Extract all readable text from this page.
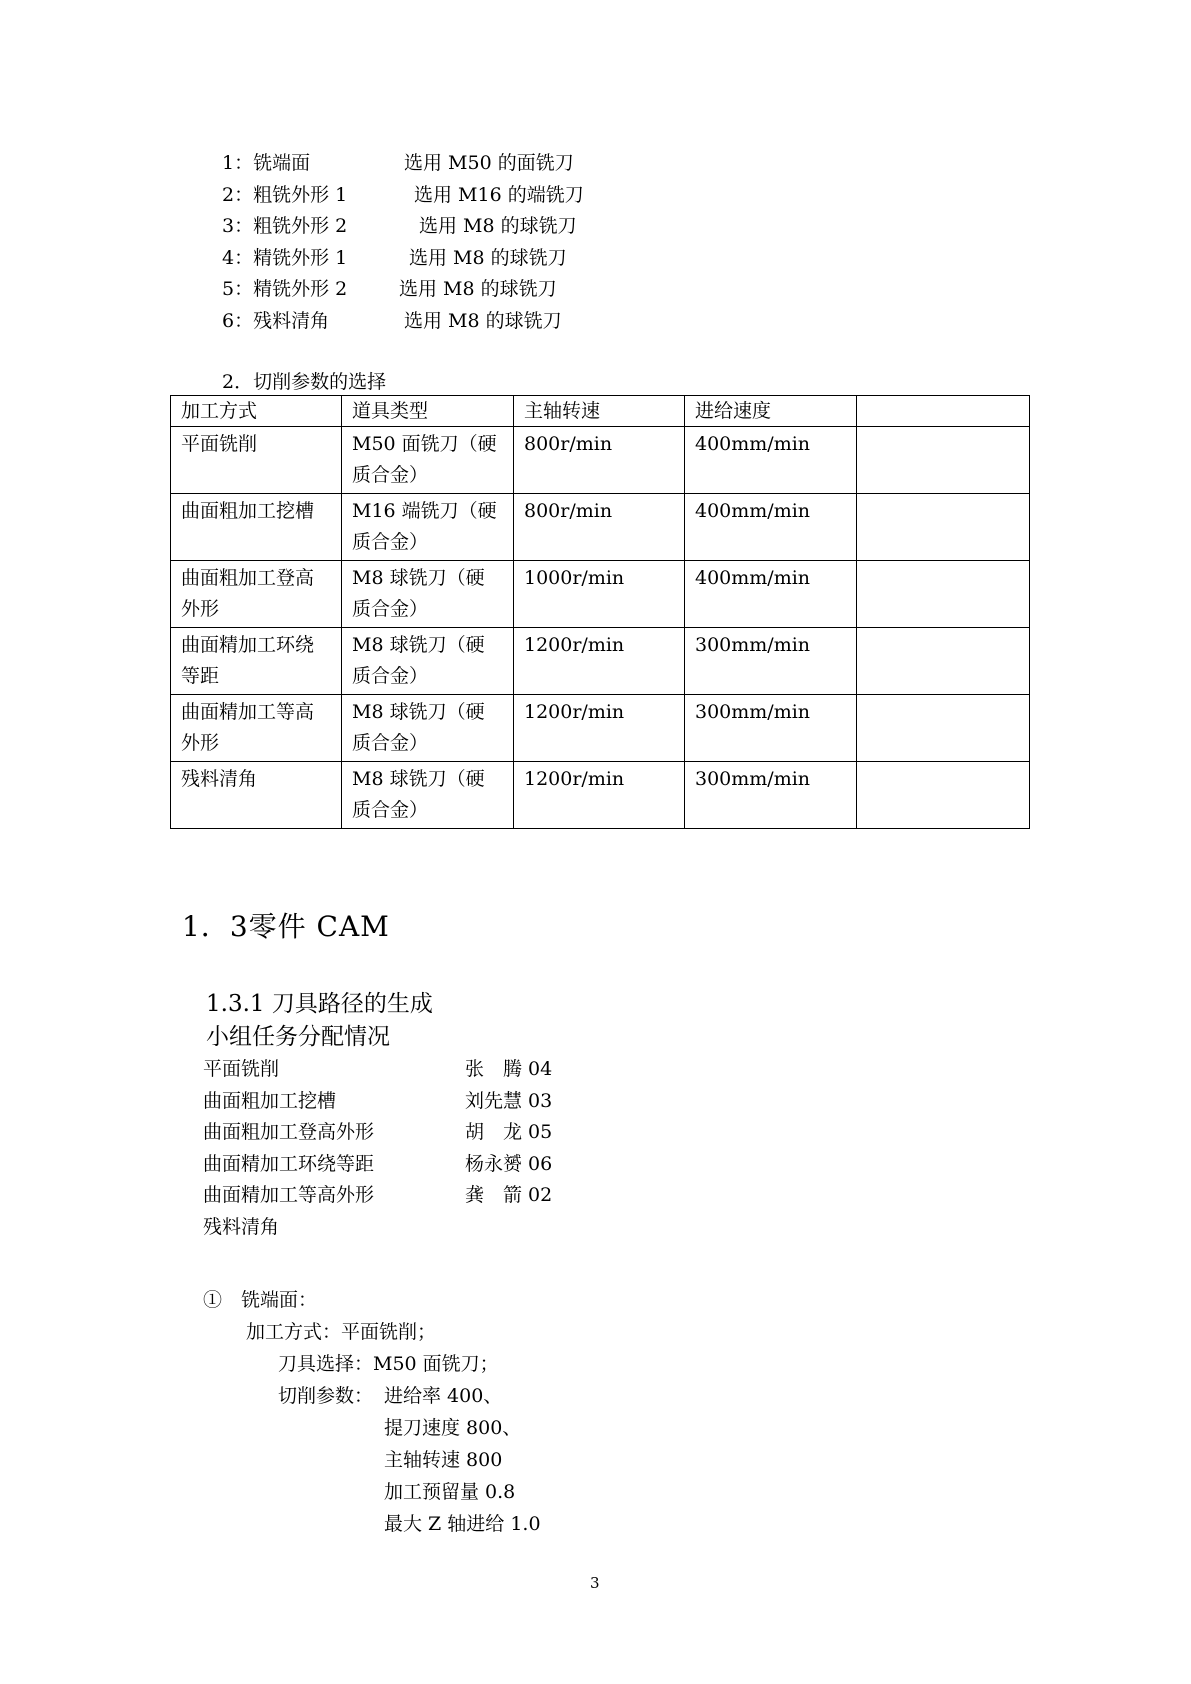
1：铣端面	选用 M50 的面铣刀
2：粗铣外形 1	选用 M16 的端铣刀
3：粗铣外形 2	选用 M8 的球铣刀
4：精铣外形 1	选用 M8 的球铣刀
5：精铣外形 2	选用 M8 的球铣刀
6：残料清角	选用 M8 的球铣刀
2．切削参数的选择
加工方式	道具类型	主轴转速	进给速度	
平面铣削	M50 面铣刀（硬质合金）	800r/min	400mm/min	
曲面粗加工挖槽	M16 端铣刀（硬质合金）	800r/min	400mm/min	
曲面粗加工登高外形	M8 球铣刀（硬质合金）	1000r/min	400mm/min	
曲面精加工环绕等距	M8 球铣刀（硬质合金）	1200r/min	300mm/min	
曲面精加工等高外形	M8 球铣刀（硬质合金）	1200r/min	300mm/min	
残料清角	M8 球铣刀（硬质合金）	1200r/min	300mm/min	
1．3零件 CAM
1.3.1 刀具路径的生成
小组任务分配情况
平面铣削	张　腾 04
曲面粗加工挖槽	刘先慧 03
曲面粗加工登高外形	胡　龙 05
曲面精加工环绕等距	杨永赟 06
曲面精加工等高外形	龚　箭 02
残料清角
①　铣端面：
加工方式：平面铣削；
刀具选择：M50 面铣刀；
切削参数： 进给率 400、
提刀速度 800、
主轴转速 800
加工预留量 0.8
最大 Z 轴进给 1.0
3
